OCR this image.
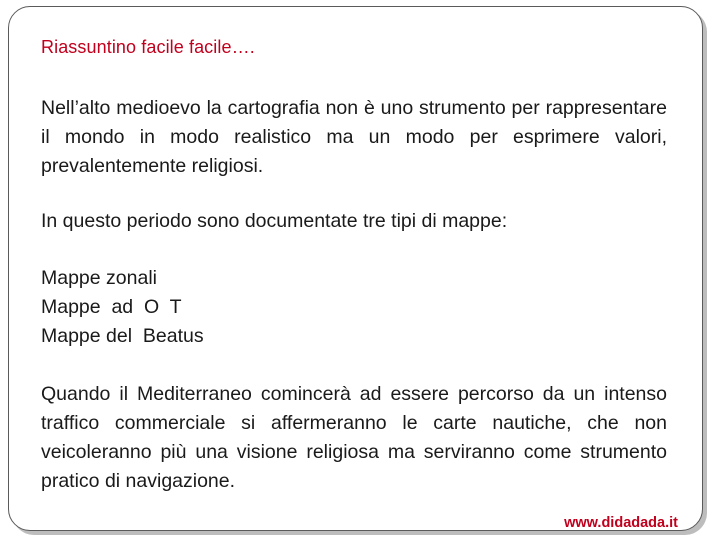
Riassuntino facile facile….

Nell’alto medioevo la cartografia non è uno strumento per rappresentare il mondo in modo realistico ma un modo per esprimere valori, prevalentemente religiosi.

In questo periodo sono documentate tre tipi di mappe:

Mappe zonali
Mappe  ad  O  T
Mappe del  Beatus

Quando il Mediterraneo comincerà ad essere percorso da un intenso traffico commerciale si affermeranno le carte nautiche, che non veicoleranno più una visione religiosa ma serviranno come strumento pratico di navigazione.

www.didadada.it
